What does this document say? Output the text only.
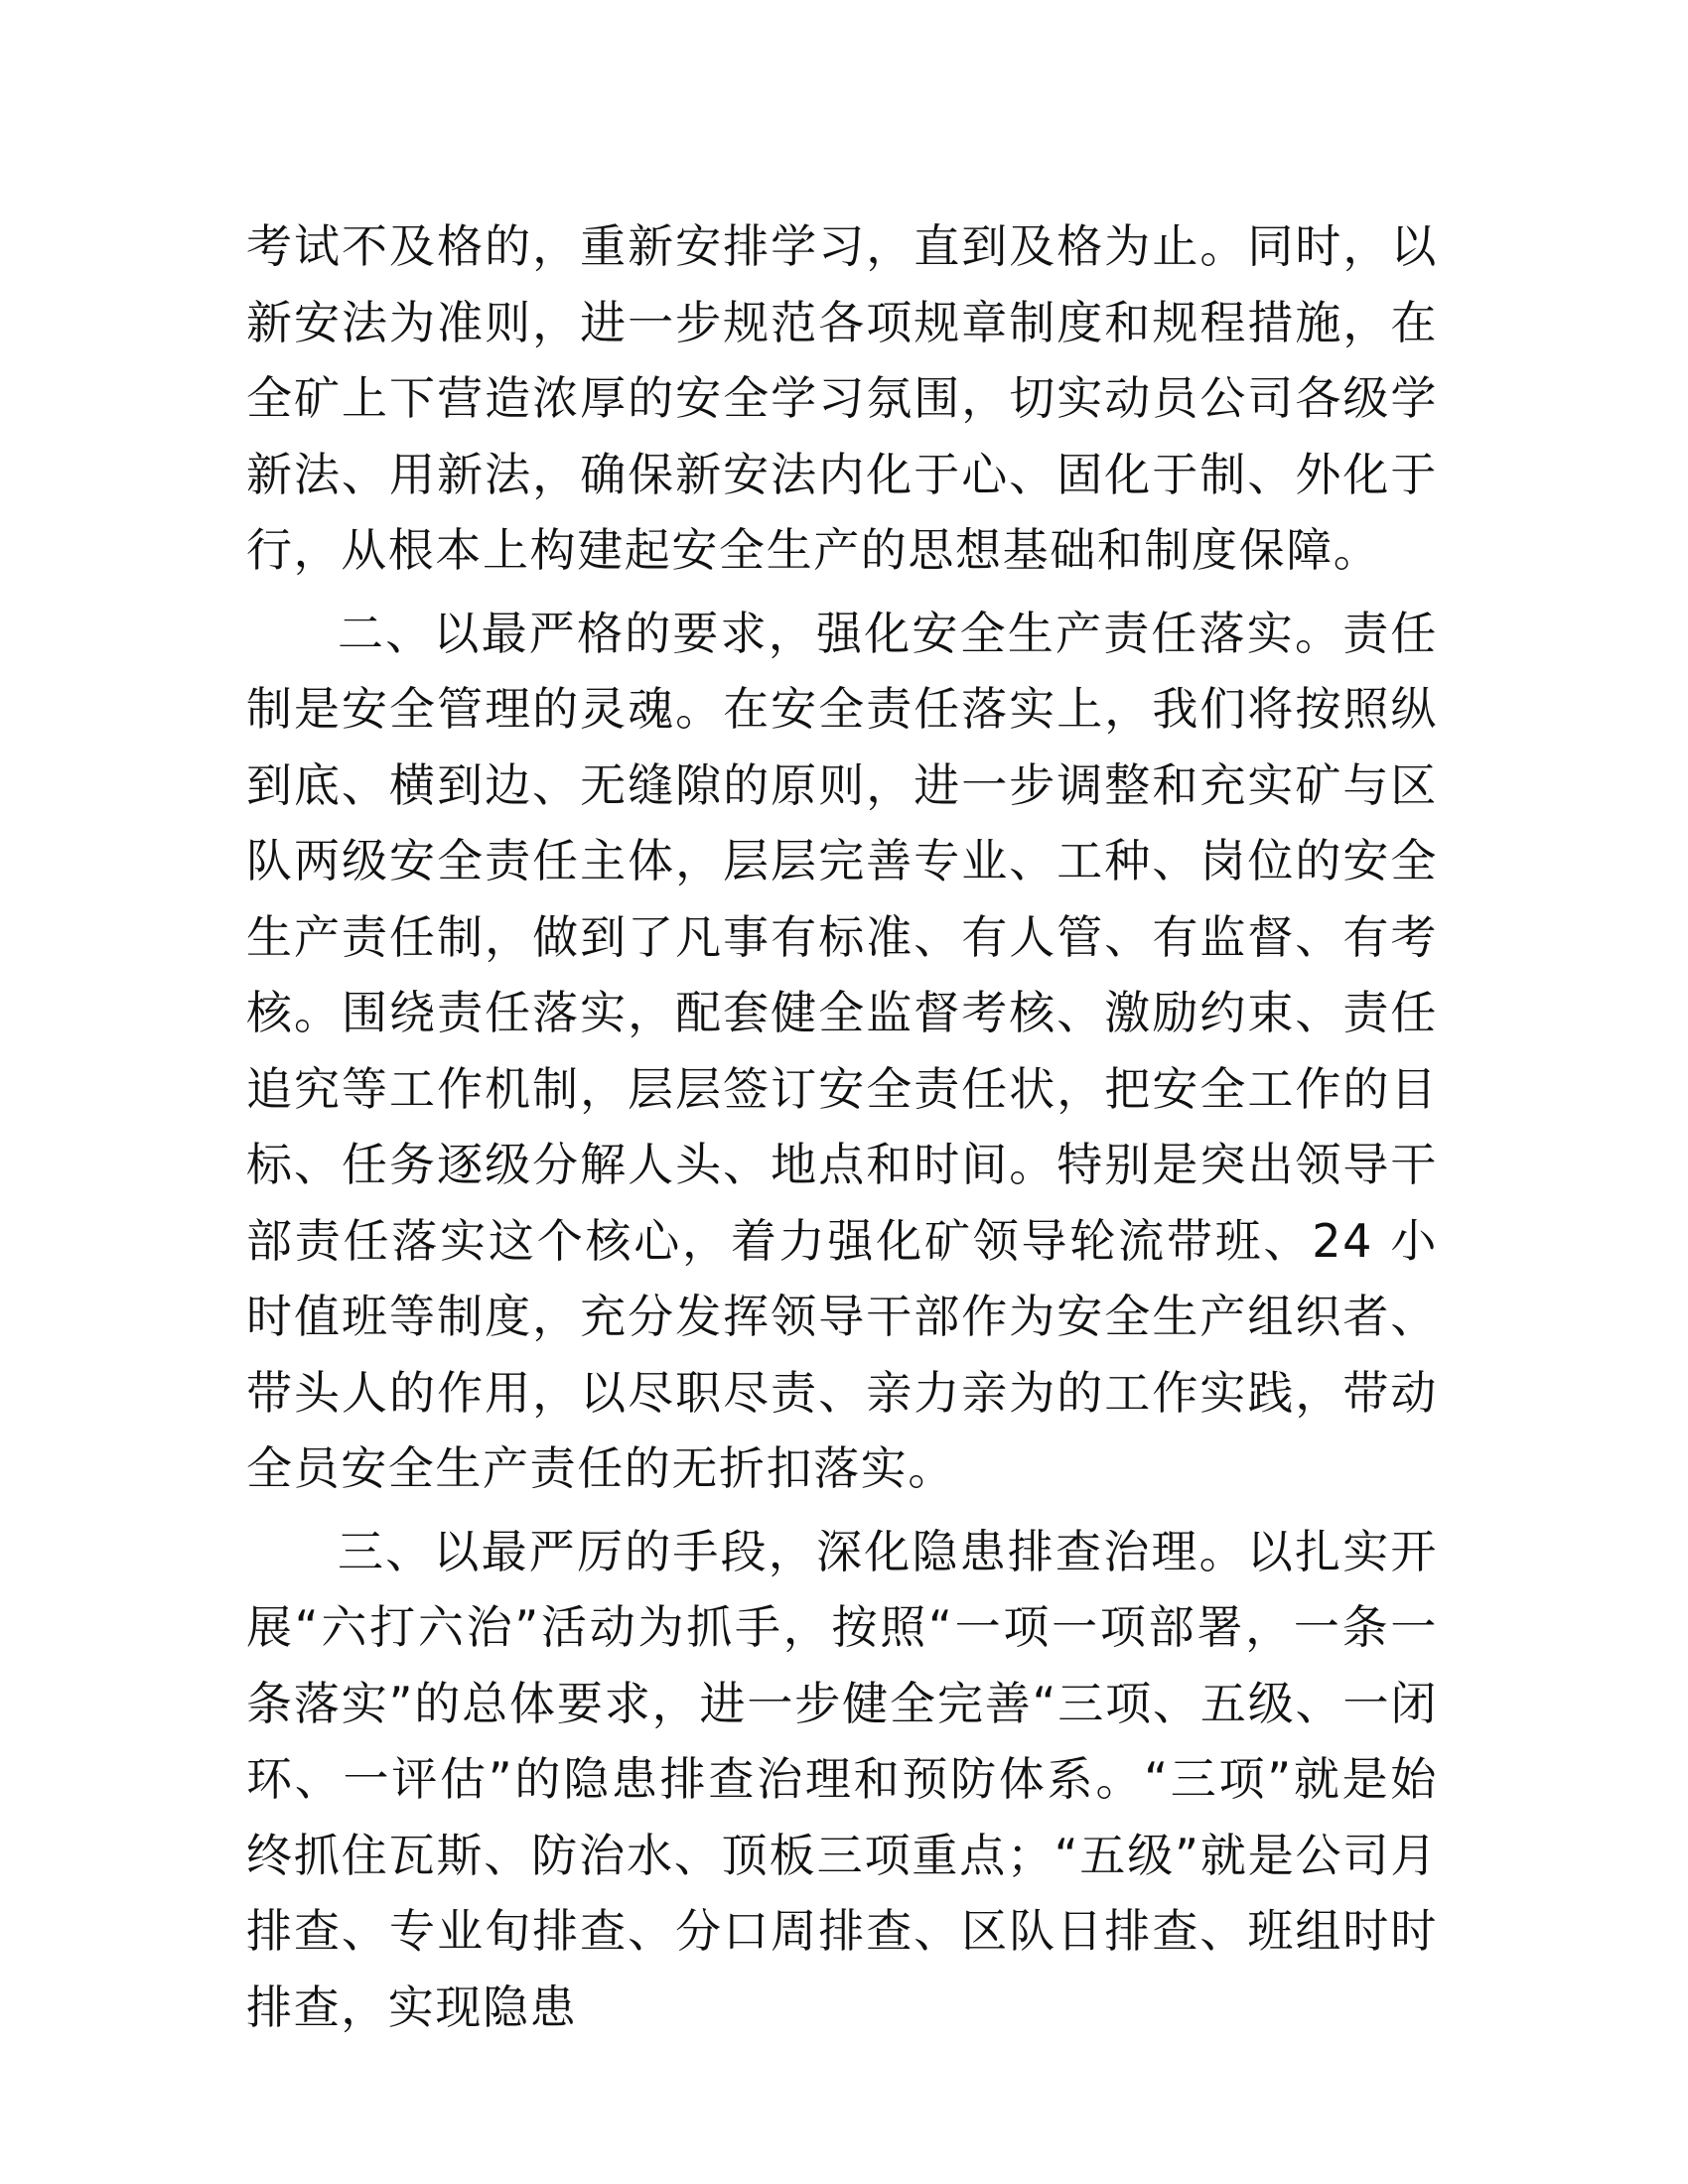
考试不及格的，重新安排学习，直到及格为止。同时，以新安法为准则，进一步规范各项规章制度和规程措施，在全矿上下营造浓厚的安全学习氛围，切实动员公司各级学新法、用新法，确保新安法内化于心、固化于制、外化于行，从根本上构建起安全生产的思想基础和制度保障。

二、以最严格的要求，强化安全生产责任落实。责任制是安全管理的灵魂。在安全责任落实上，我们将按照纵到底、横到边、无缝隙的原则，进一步调整和充实矿与区队两级安全责任主体，层层完善专业、工种、岗位的安全生产责任制，做到了凡事有标准、有人管、有监督、有考核。围绕责任落实，配套健全监督考核、激励约束、责任追究等工作机制，层层签订安全责任状，把安全工作的目标、任务逐级分解人头、地点和时间。特别是突出领导干部责任落实这个核心，着力强化矿领导轮流带班、24 小时值班等制度，充分发挥领导干部作为安全生产组织者、带头人的作用，以尽职尽责、亲力亲为的工作实践，带动全员安全生产责任的无折扣落实。

三、以最严厉的手段，深化隐患排查治理。以扎实开展“六打六治”活动为抓手，按照“一项一项部署，一条一条落实”的总体要求，进一步健全完善“三项、五级、一闭环、一评估”的隐患排查治理和预防体系。“三项”就是始终抓住瓦斯、防治水、顶板三项重点；“五级”就是公司月排查、专业旬排查、分口周排查、区队日排查、班组时时排查，实现隐患
